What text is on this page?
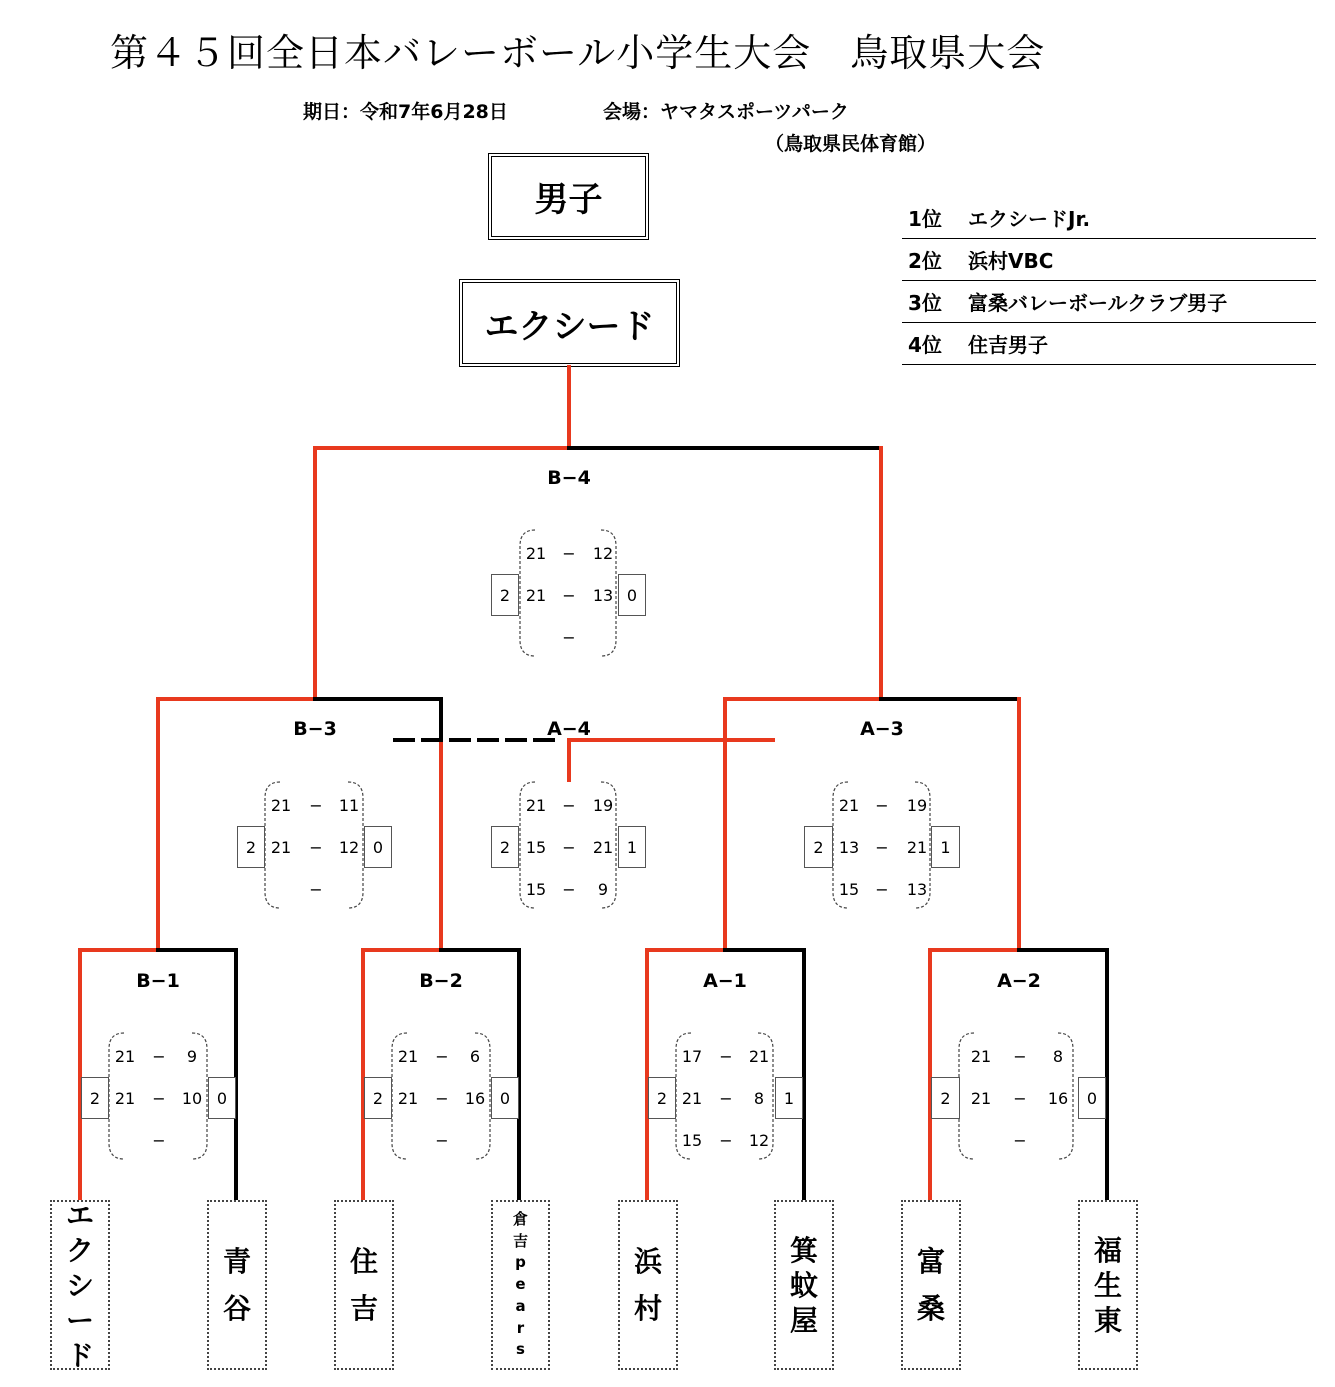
第４５回全日本バレーボール小学生大会　鳥取県大会
期日：令和7年6月28日	会場：ヤマタスポーツパーク
（鳥取県民体育館）
男子
エクシード
1位	エクシードJr.
2位	浜村VBC
3位	富桑バレーボールクラブ男子
4位	住吉男子
B−4
2	0
21	−	12
21	−	13
−
B−3
2	0
21	−	11
21	−	12
−
A−4
2	1
21	−	19
15	−	21
15	−	9
A−3
2	1
21	−	19
13	−	21
15	−	13
B−1
2	0
21	−	9
21	−	10
−
B−2
2	0
21	−	6
21	−	16
−
A−1
2	1
17	−	21
21	−	8
15	−	12
A−2
2	0
21	−	8
21	−	16
−
エ
ク
シ
ー
ド
青
谷
住
吉
倉
吉
p
e
a
r
s
浜
村
箕
蚊
屋
富
桑
福
生
東
